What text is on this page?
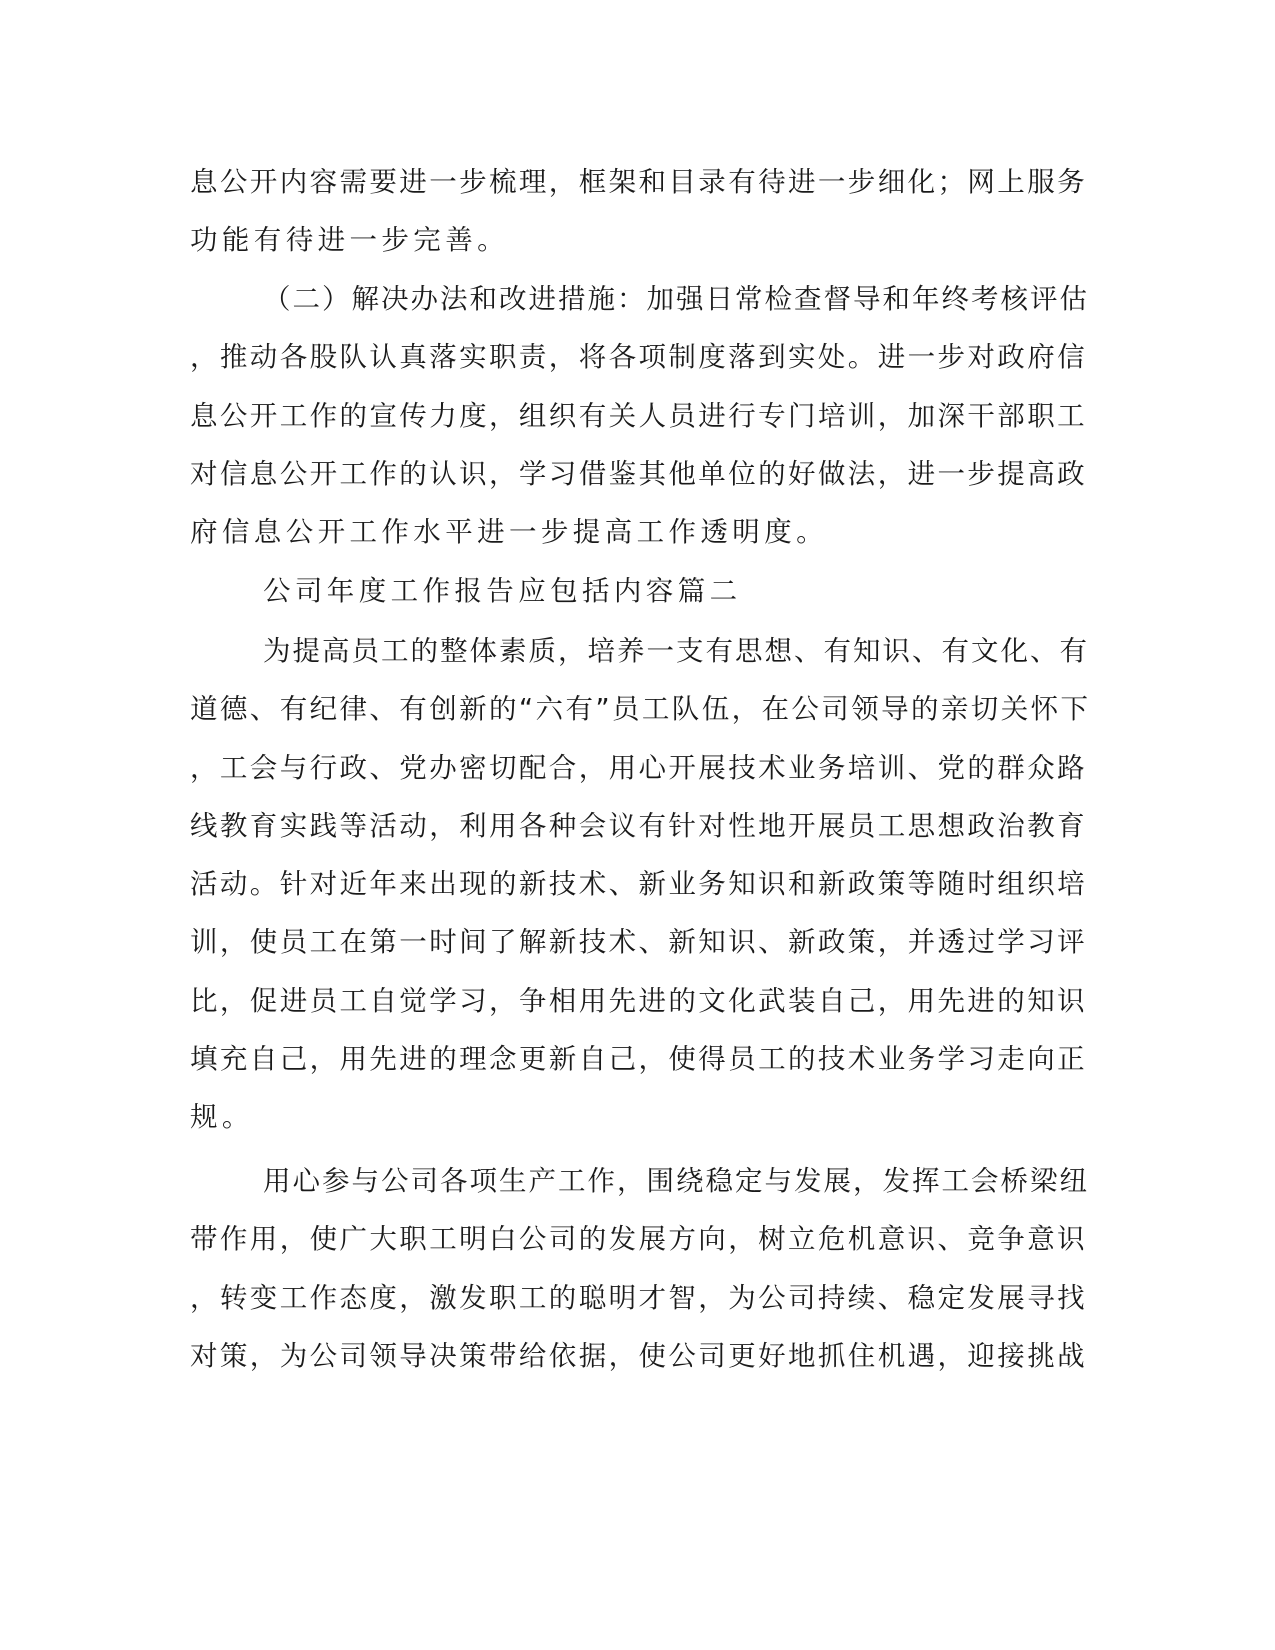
息公开内容需要进一步梳理，框架和目录有待进一步细化；网上服务
功能有待进一步完善。
（二）解决办法和改进措施：加强日常检查督导和年终考核评估
，推动各股队认真落实职责，将各项制度落到实处。进一步对政府信
息公开工作的宣传力度，组织有关人员进行专门培训，加深干部职工
对信息公开工作的认识，学习借鉴其他单位的好做法，进一步提高政
府信息公开工作水平进一步提高工作透明度。
公司年度工作报告应包括内容篇二
为提高员工的整体素质，培养一支有思想、有知识、有文化、有
道德、有纪律、有创新的“六有”员工队伍，在公司领导的亲切关怀下
，工会与行政、党办密切配合，用心开展技术业务培训、党的群众路
线教育实践等活动，利用各种会议有针对性地开展员工思想政治教育
活动。针对近年来出现的新技术、新业务知识和新政策等随时组织培
训，使员工在第一时间了解新技术、新知识、新政策，并透过学习评
比，促进员工自觉学习，争相用先进的文化武装自己，用先进的知识
填充自己，用先进的理念更新自己，使得员工的技术业务学习走向正
规。
用心参与公司各项生产工作，围绕稳定与发展，发挥工会桥梁纽
带作用，使广大职工明白公司的发展方向，树立危机意识、竞争意识
，转变工作态度，激发职工的聪明才智，为公司持续、稳定发展寻找
对策，为公司领导决策带给依据，使公司更好地抓住机遇，迎接挑战
